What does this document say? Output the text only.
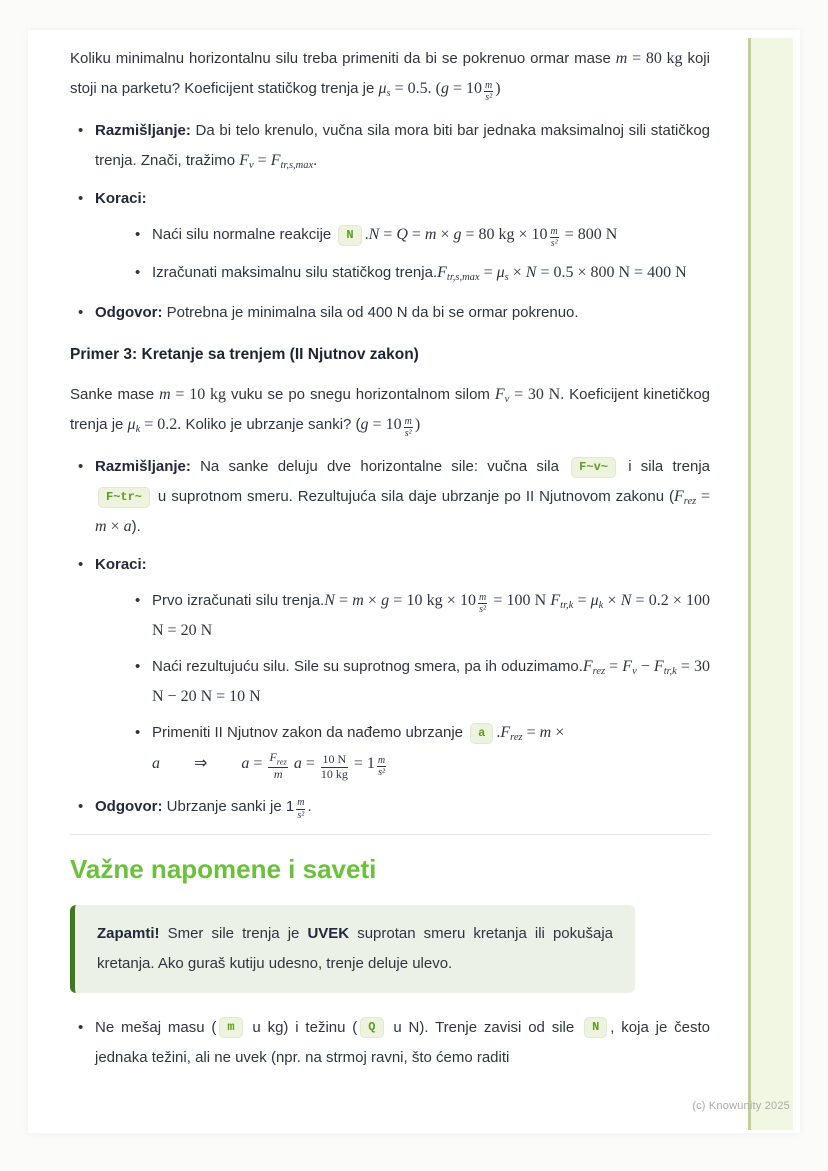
Koliku minimalnu horizontalnu silu treba primeniti da bi se pokrenuo ormar mase m = 80 kg koji stoji na parketu? Koeficijent statičkog trenja je $\mu_s = 0.5$. ($g = 10 \frac{m}{\text{s²}}$ )

• Razmišljanje: Da bi telo krenulo, vučna sila mora biti bar jednaka maksimalnoj sili statičkog trenja. Znači, tražimo $F_v = F_{tr,s,max}$.
• Koraci:
• Naći silu normalne reakcije N .N = Q = m × g = 80 kg × $10 \frac{m}{\text{s²}} = 800$ N
• Izračunati maksimalnu silu statičkog $trenja.F_{tr,s,max} = \mu_s \times N = 0.5 \times 800$ N = 400 N
• Odgovor: Potrebna je minimalna sila od 400 N da bi se ormar pokrenuo.
Primer 3: Kretanje sa trenjem (II Njutnov zakon)

Sanke mase m = 10 kg vuku se po snegu horizontalnom silom $F_v = 30$ N. Koeficijent kinetičkog trenja je $\mu_k = 0.2$. Koliko je ubrzanje sanki? ($g = 10 \frac{m}{\text{s²}}$ )

• Razmišljanje: Na sanke deluju dve horizontalne sile: vučna sila F~v~ i sila trenja F~tr~ u suprotnom smeru. Rezultujuća sila daje ubrzanje po II Njutnovom zakonu $(F_{rez} = m \times a)$.
• Koraci:
• Prvo izračunati silu trenja.N = m × g = 10 kg × $10 \frac{m}{\text{s²}} = 100$ N $F_{tr,k} = \mu_k \times N = 0.2 \times 100$ N = 20 N
• Naći rezultujuću silu. Sile su suprotnog smera, pa ih $oduzimamo.F_{rez} = F_v - F_{tr,k} = 30$ N − 20 N = 10 N
• Primeniti II Njutnov zakon da nađemo ubrzanje a $.F_{rez} = m$ ×
a ⇒ $a = F_{rez}$
m
$a = \frac{10 N}{10 kg} = 1 \frac{m}{\text{s²}}$
• Odgovor: Ubrzanje sanki je $1 \frac{m}{\text{s²}}$ .
Važne napomene i saveti
Zapamti! Smer sile trenja je UVEK suprotan smeru kretanja ili pokušaja kretanja. Ako guraš kutiju udesno, trenje deluje ulevo.
• Ne mešaj masu ( m u kg) i težinu ( Q u N). Trenje zavisi od sile N , koja je često jednaka težini, ali ne uvek (npr. na strmoj ravni, što ćemo raditi
(c) Knowunity 2025
